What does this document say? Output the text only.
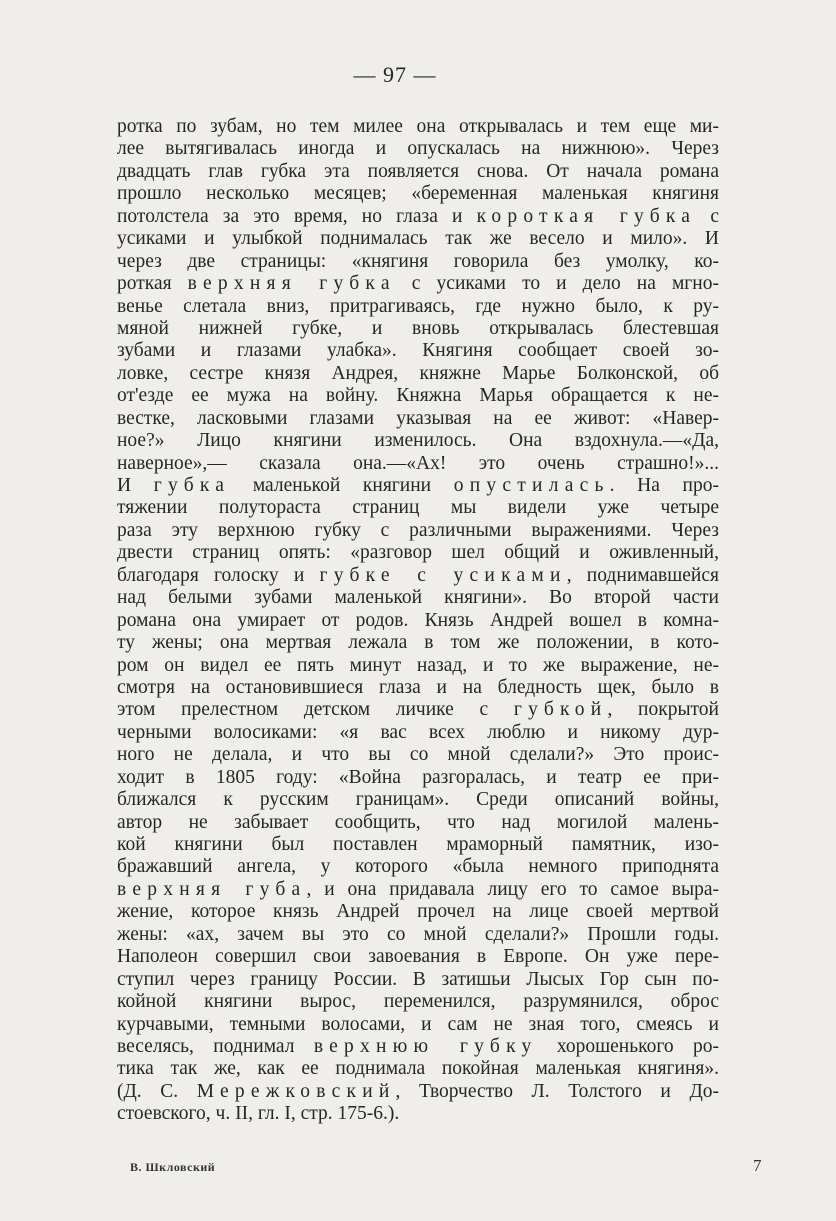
— 97 —
ротка по зубам, но тем милее она открывалась и тем еще ми-
лее вытягивалась иногда и опускалась на нижнюю». Через
двадцать глав губка эта появляется снова. От начала романа
прошло несколько месяцев; «беременная маленькая княгиня
потолстела за это время, но глаза и короткая губка с
усиками и улыбкой поднималась так же весело и мило». И
через две страницы: «княгиня говорила без умолку, ко-
роткая верхняя губка с усиками то и дело на мгно-
венье слетала вниз, притрагиваясь, где нужно было, к ру-
мяной нижней губке, и вновь открывалась блестевшая
зубами и глазами улабка». Княгиня сообщает своей зо-
ловке, сестре князя Андрея, княжне Марье Болконской, об
от'езде ее мужа на войну. Княжна Марья обращается к не-
вестке, ласковыми глазами указывая на ее живот: «Навер-
ное?» Лицо княгини изменилось. Она вздохнула.—«Да,
наверное»,— сказала она.—«Ах! это очень страшно!»...
И губка маленькой княгини опустилась. На про-
тяжении полутораста страниц мы видели уже четыре
раза эту верхнюю губку с различными выражениями. Через
двести страниц опять: «разговор шел общий и оживленный,
благодаря голоску и губке с усиками, поднимавшейся
над белыми зубами маленькой княгини». Во второй части
романа она умирает от родов. Князь Андрей вошел в комна-
ту жены; она мертвая лежала в том же положении, в кото-
ром он видел ее пять минут назад, и то же выражение, не-
смотря на остановившиеся глаза и на бледность щек, было в
этом прелестном детском личике с губкой, покрытой
черными волосиками: «я вас всех люблю и никому дур-
ного не делала, и что вы со мной сделали?» Это проис-
ходит в 1805 году: «Война разгоралась, и театр ее при-
ближался к русским границам». Среди описаний войны,
автор не забывает сообщить, что над могилой малень-
кой княгини был поставлен мраморный памятник, изо-
бражавший ангела, у которого «была немного приподнята
верхняя губа, и она придавала лицу его то самое выра-
жение, которое князь Андрей прочел на лице своей мертвой
жены: «ах, зачем вы это со мной сделали?» Прошли годы.
Наполеон совершил свои завоевания в Европе. Он уже пере-
ступил через границу России. В затишьи Лысых Гор сын по-
койной княгини вырос, переменился, разрумянился, оброс
курчавыми, темными волосами, и сам не зная того, смеясь и
веселясь, поднимал верхнюю губку хорошенького ро-
тика так же, как ее поднимала покойная маленькая княгиня».
(Д. С. Мережковский, Творчество Л. Толстого и До-
стоевского, ч. II, гл. I, стр. 175-6.).
В. Шкловский	7
